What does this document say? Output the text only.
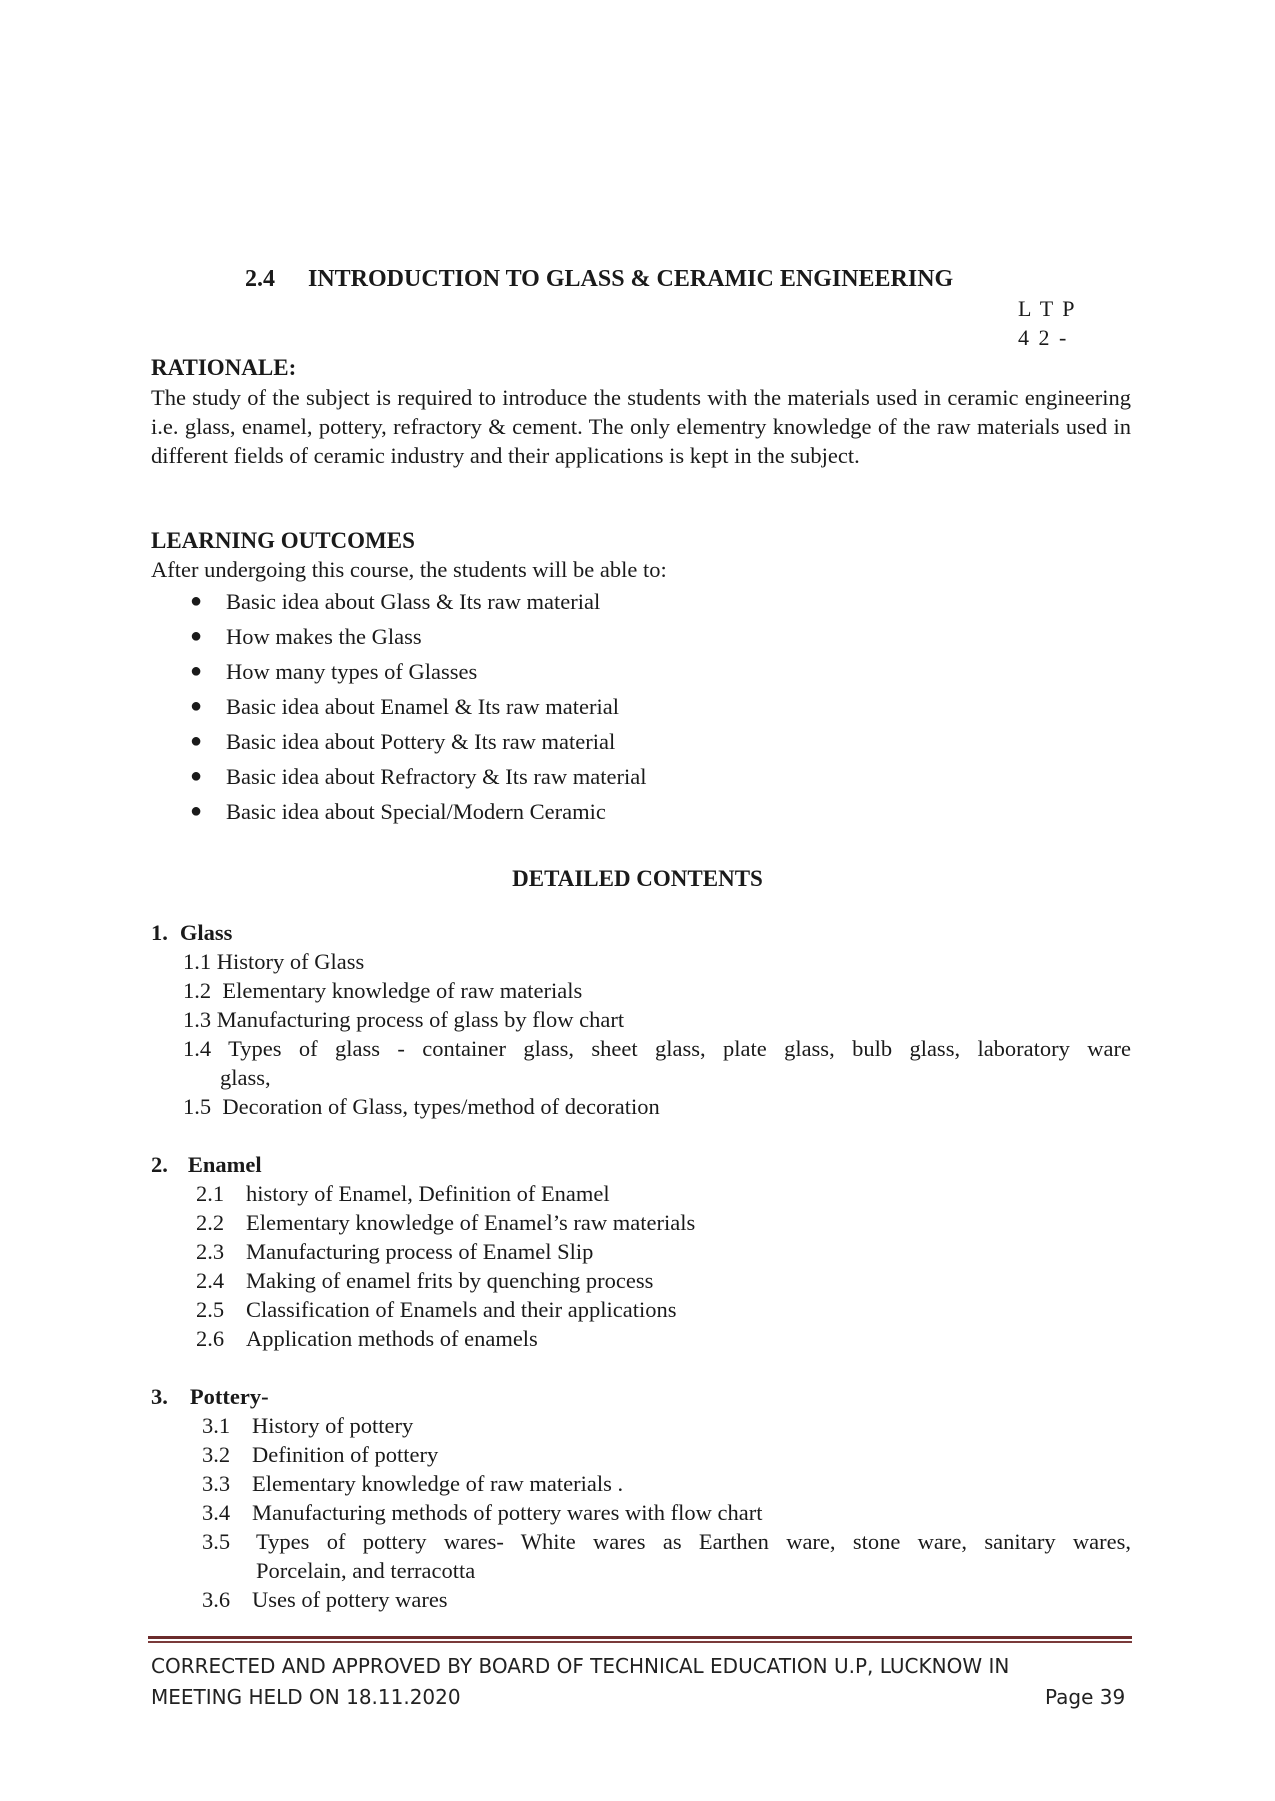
2.4 INTRODUCTION TO GLASS & CERAMIC ENGINEERING
L T P
4 2 -
RATIONALE:
The study of the subject is required to introduce the students with the materials used in ceramic engineering i.e. glass, enamel, pottery, refractory & cement. The only elementry knowledge of the raw materials used in different fields of ceramic industry and their applications is kept in the subject.
LEARNING OUTCOMES
After undergoing this course, the students will be able to:
● Basic idea about Glass & Its raw material
● How makes the Glass
● How many types of Glasses
● Basic idea about Enamel & Its raw material
● Basic idea about Pottery & Its raw material
● Basic idea about Refractory & Its raw material
● Basic idea about Special/Modern Ceramic
DETAILED CONTENTS
1. Glass
1.1 History of Glass
1.2 Elementary knowledge of raw materials
1.3 Manufacturing process of glass by flow chart
1.4 Types of glass - container glass, sheet glass, plate glass, bulb glass, laboratory ware
glass,
1.5 Decoration of Glass, types/method of decoration
2. Enamel
2.1 history of Enamel, Definition of Enamel
2.2 Elementary knowledge of Enamel’s raw materials
2.3 Manufacturing process of Enamel Slip
2.4 Making of enamel frits by quenching process
2.5 Classification of Enamels and their applications
2.6 Application methods of enamels
3. Pottery-
3.1 History of pottery
3.2 Definition of pottery
3.3 Elementary knowledge of raw materials .
3.4 Manufacturing methods of pottery wares with flow chart
3.5 Types of pottery wares- White wares as Earthen ware, stone ware, sanitary wares,
Porcelain, and terracotta
3.6 Uses of pottery wares
CORRECTED AND APPROVED BY BOARD OF TECHNICAL EDUCATION U.P, LUCKNOW IN
MEETING HELD ON 18.11.2020	Page 39
